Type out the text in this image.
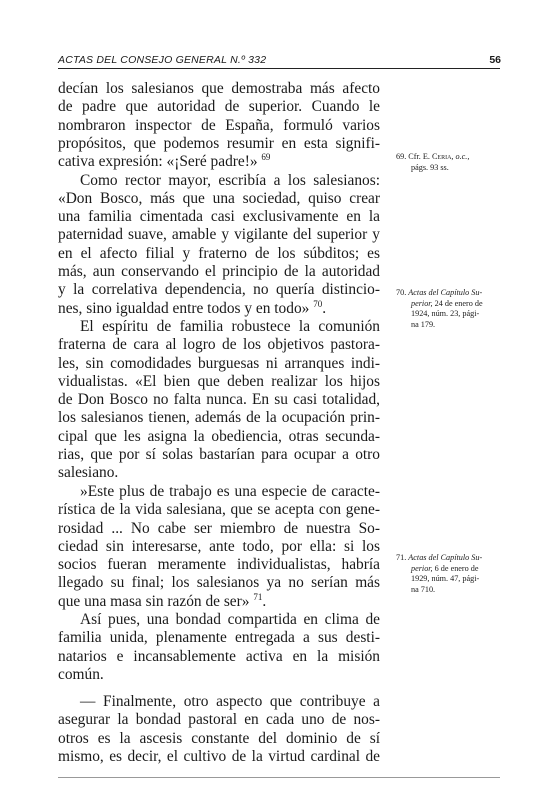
ACTAS DEL CONSEJO GENERAL N.º 332	56
decían los salesianos que demostraba más afecto
de padre que autoridad de superior. Cuando le
nombraron inspector de España, formuló varios
propósitos, que podemos resumir en esta signifi-
cativa expresión: «¡Seré padre!» $^{69}$
Como rector mayor, escribía a los salesianos:
«Don Bosco, más que una sociedad, quiso crear
una familia cimentada casi exclusivamente en la
paternidad suave, amable y vigilante del superior y
en el afecto filial y fraterno de los súbditos; es
más, aun conservando el principio de la autoridad
y la correlativa dependencia, no quería distincio-
nes, sino igualdad entre todos y en todo» $^{70}$.
El espíritu de familia robustece la comunión
fraterna de cara al logro de los objetivos pastora-
les, sin comodidades burguesas ni arranques indi-
vidualistas. «El bien que deben realizar los hijos
de Don Bosco no falta nunca. En su casi totalidad,
los salesianos tienen, además de la ocupación prin-
cipal que les asigna la obediencia, otras secunda-
rias, que por sí solas bastarían para ocupar a otro
salesiano.
»Este plus de trabajo es una especie de caracte-
rística de la vida salesiana, que se acepta con gene-
rosidad ... No cabe ser miembro de nuestra So-
ciedad sin interesarse, ante todo, por ella: si los
socios fueran meramente individualistas, habría
llegado su final; los salesianos ya no serían más
que una masa sin razón de ser» $^{71}$.
Así pues, una bondad compartida en clima de
familia unida, plenamente entregada a sus desti-
natarios e incansablemente activa en la misión
común.
— Finalmente, otro aspecto que contribuye a
asegurar la bondad pastoral en cada uno de nos-
otros es la ascesis constante del dominio de sí
mismo, es decir, el cultivo de la virtud cardinal de
69. Cfr. E. Ceria, o.c.,
págs. 93 ss.
70. Actas del Capítulo Su-
perior, 24 de enero de
1924, núm. 23, pági-
na 179.
71. Actas del Capítulo Su-
perior, 6 de enero de
1929, núm. 47, pági-
na 710.
